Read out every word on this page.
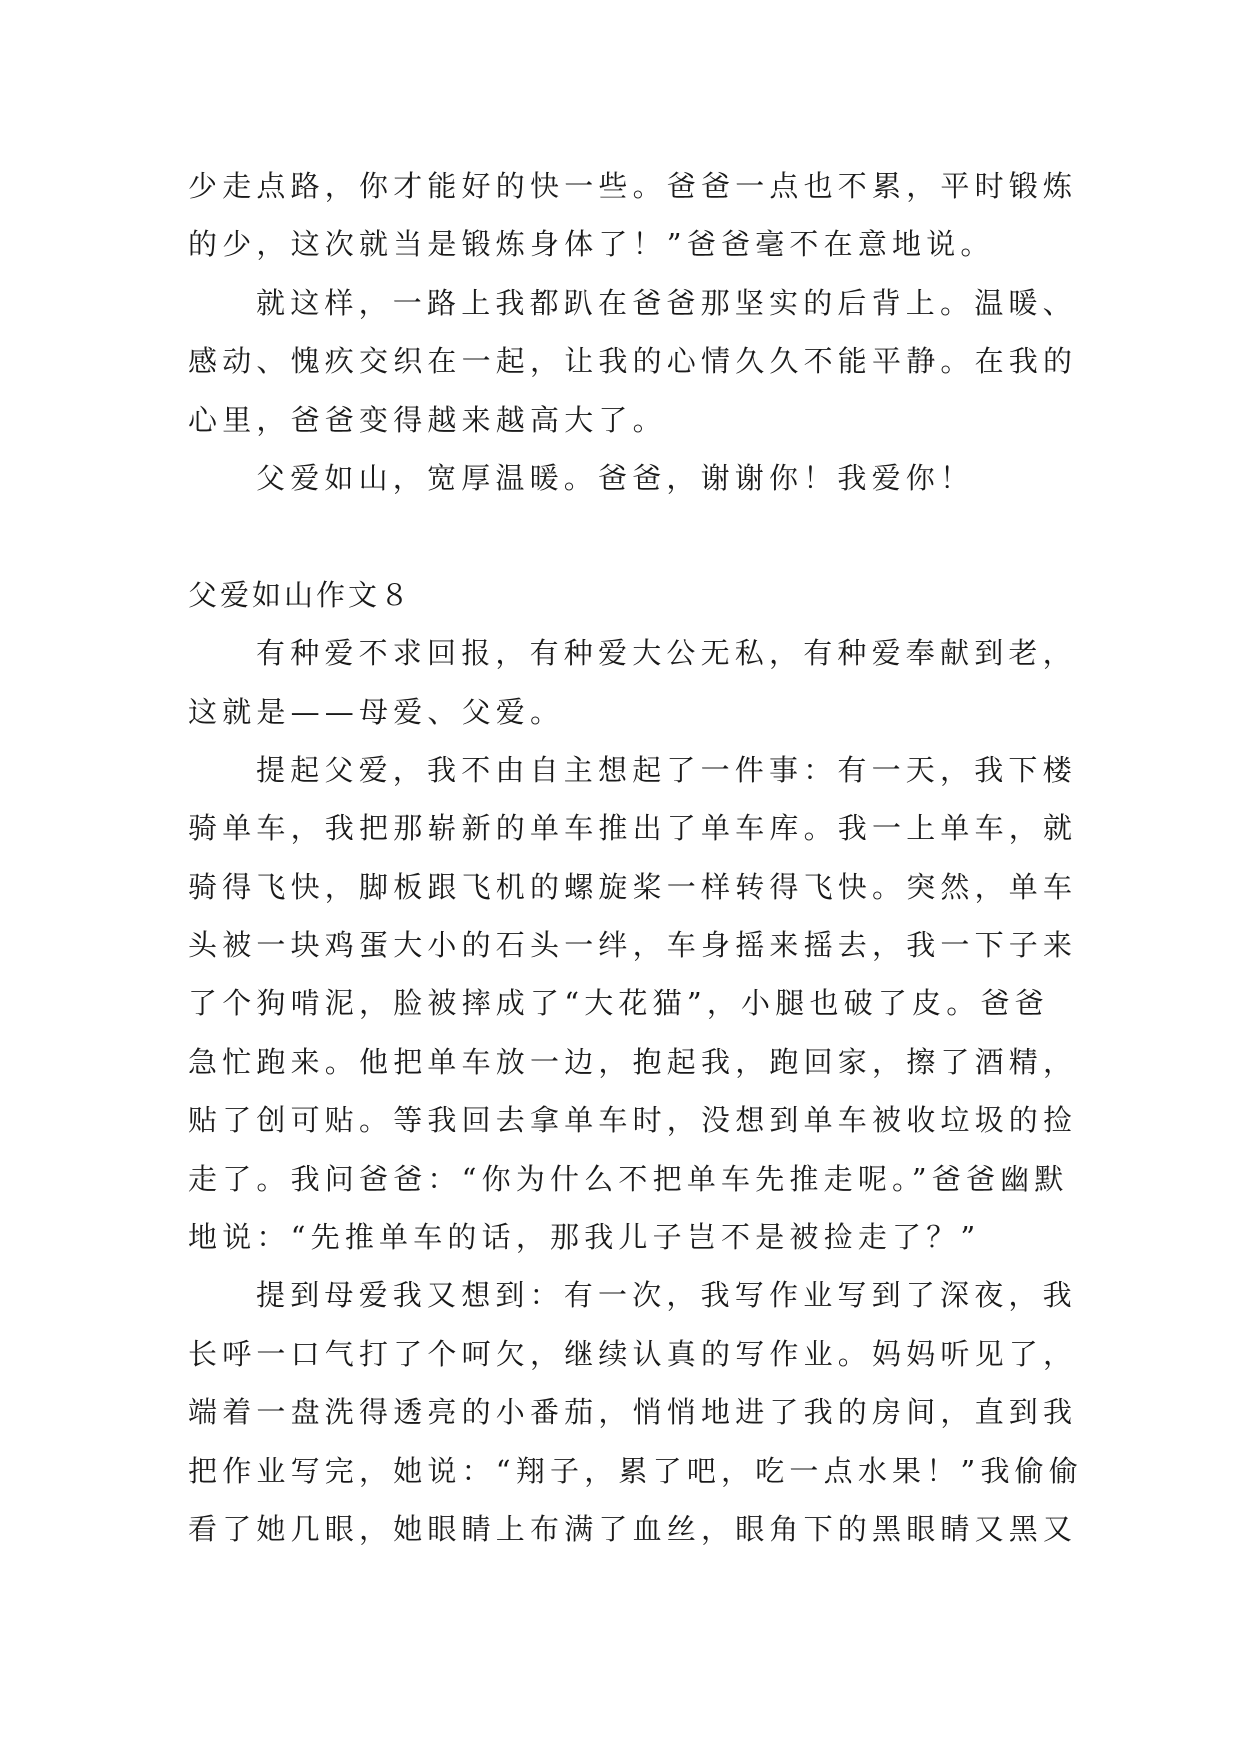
少走点路，你才能好的快一些。爸爸一点也不累，平时锻炼
的少，这次就当是锻炼身体了！”爸爸毫不在意地说。
就这样，一路上我都趴在爸爸那坚实的后背上。温暖、
感动、愧疚交织在一起，让我的心情久久不能平静。在我的
心里，爸爸变得越来越高大了。
父爱如山，宽厚温暖。爸爸，谢谢你！我爱你！
父爱如山作文８
有种爱不求回报，有种爱大公无私，有种爱奉献到老，
这就是——母爱、父爱。
提起父爱，我不由自主想起了一件事：有一天，我下楼
骑单车，我把那崭新的单车推出了单车库。我一上单车，就
骑得飞快，脚板跟飞机的螺旋桨一样转得飞快。突然，单车
头被一块鸡蛋大小的石头一绊，车身摇来摇去，我一下子来
了个狗啃泥，脸被摔成了“大花猫”，小腿也破了皮。爸爸
急忙跑来。他把单车放一边，抱起我，跑回家，擦了酒精，
贴了创可贴。等我回去拿单车时，没想到单车被收垃圾的捡
走了。我问爸爸：“你为什么不把单车先推走呢。”爸爸幽默
地说：“先推单车的话，那我儿子岂不是被捡走了？”
提到母爱我又想到：有一次，我写作业写到了深夜，我
长呼一口气打了个呵欠，继续认真的写作业。妈妈听见了，
端着一盘洗得透亮的小番茄，悄悄地进了我的房间，直到我
把作业写完，她说：“翔子，累了吧，吃一点水果！”我偷偷
看了她几眼，她眼睛上布满了血丝，眼角下的黑眼睛又黑又
